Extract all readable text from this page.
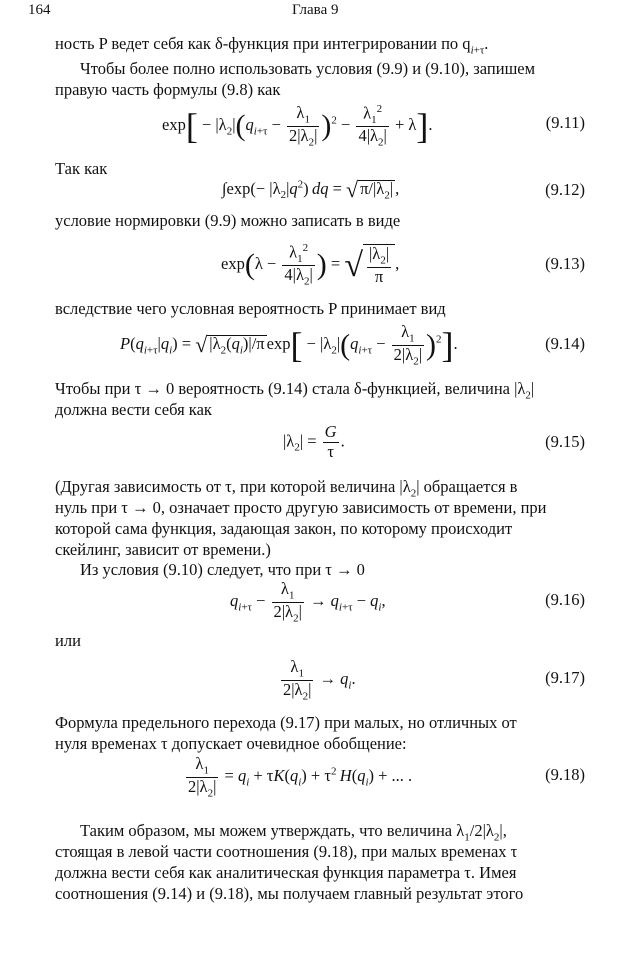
164	Глава 9
ность P ведет себя как δ-функция при интегрировании по $q_{i+\tau}$.
Чтобы более полно использовать условия (9.9) и (9.10), запишем
правую часть формулы (9.8) как
$\exp[ - |\lambda_2|(q_{i+\tau} - \frac{\lambda_1}{2|\lambda_2|} )^2 - \frac{\lambda_1^2}{4|\lambda_2|} + \lambda]$.	(9.11)
Так как
$\int\exp(- |\lambda_2|q^2)$ dq = √ $\pi/|\lambda_2|$ ,	(9.12)
условие нормировки (9.9) можно записать в виде
$\exp(\lambda - \frac{\lambda_1^2}{4|\lambda_2|}$ ) = √ $\frac{|\lambda_2|}{\pi}$ ,	(9.13)
вследствие чего условная вероятность P принимает вид
$P(q_{i+\tau}|q_i)$ = √ $|\lambda_2(q_i)|/\pi$ $\exp[ - |\lambda_2|(q_{i+\tau} - \frac{\lambda_1}{2|\lambda_2|} )^2]$.	(9.14)
Чтобы при τ → 0 вероятность (9.14) стала δ-функцией, величина $|\lambda_2|$
должна вести себя как
$|\lambda_2| = \frac{G}{\tau}$ .	(9.15)
(Другая зависимость от τ, при которой величина $|\lambda_2|$ обращается в
нуль при τ → 0, означает просто другую зависимость от времени, при
которой сама функция, задающая закон, по которому происходит
скейлинг, зависит от времени.)
Из условия (9.10) следует, что при τ → 0
$q_{i+\tau} - \frac{\lambda_1}{2|\lambda_2|} \to q_{i+\tau} - q_i$,	(9.16)
или
$\frac{\lambda_1}{2|\lambda_2|} \to q_i$.	(9.17)
Формула предельного перехода (9.17) при малых, но отличных от
нуля временах τ допускает очевидное обобщение:
$\frac{\lambda_1}{2|\lambda_2|} = q_i + \tau K(q_i) + \tau^2$  $H(q_i)$ + ... .	(9.18)
Таким образом, мы можем утверждать, что величина $\lambda_1/2|\lambda_2|$,
стоящая в левой части соотношения (9.18), при малых временах τ
должна вести себя как аналитическая функция параметра τ. Имея
соотношения (9.14) и (9.18), мы получаем главный результат этого
